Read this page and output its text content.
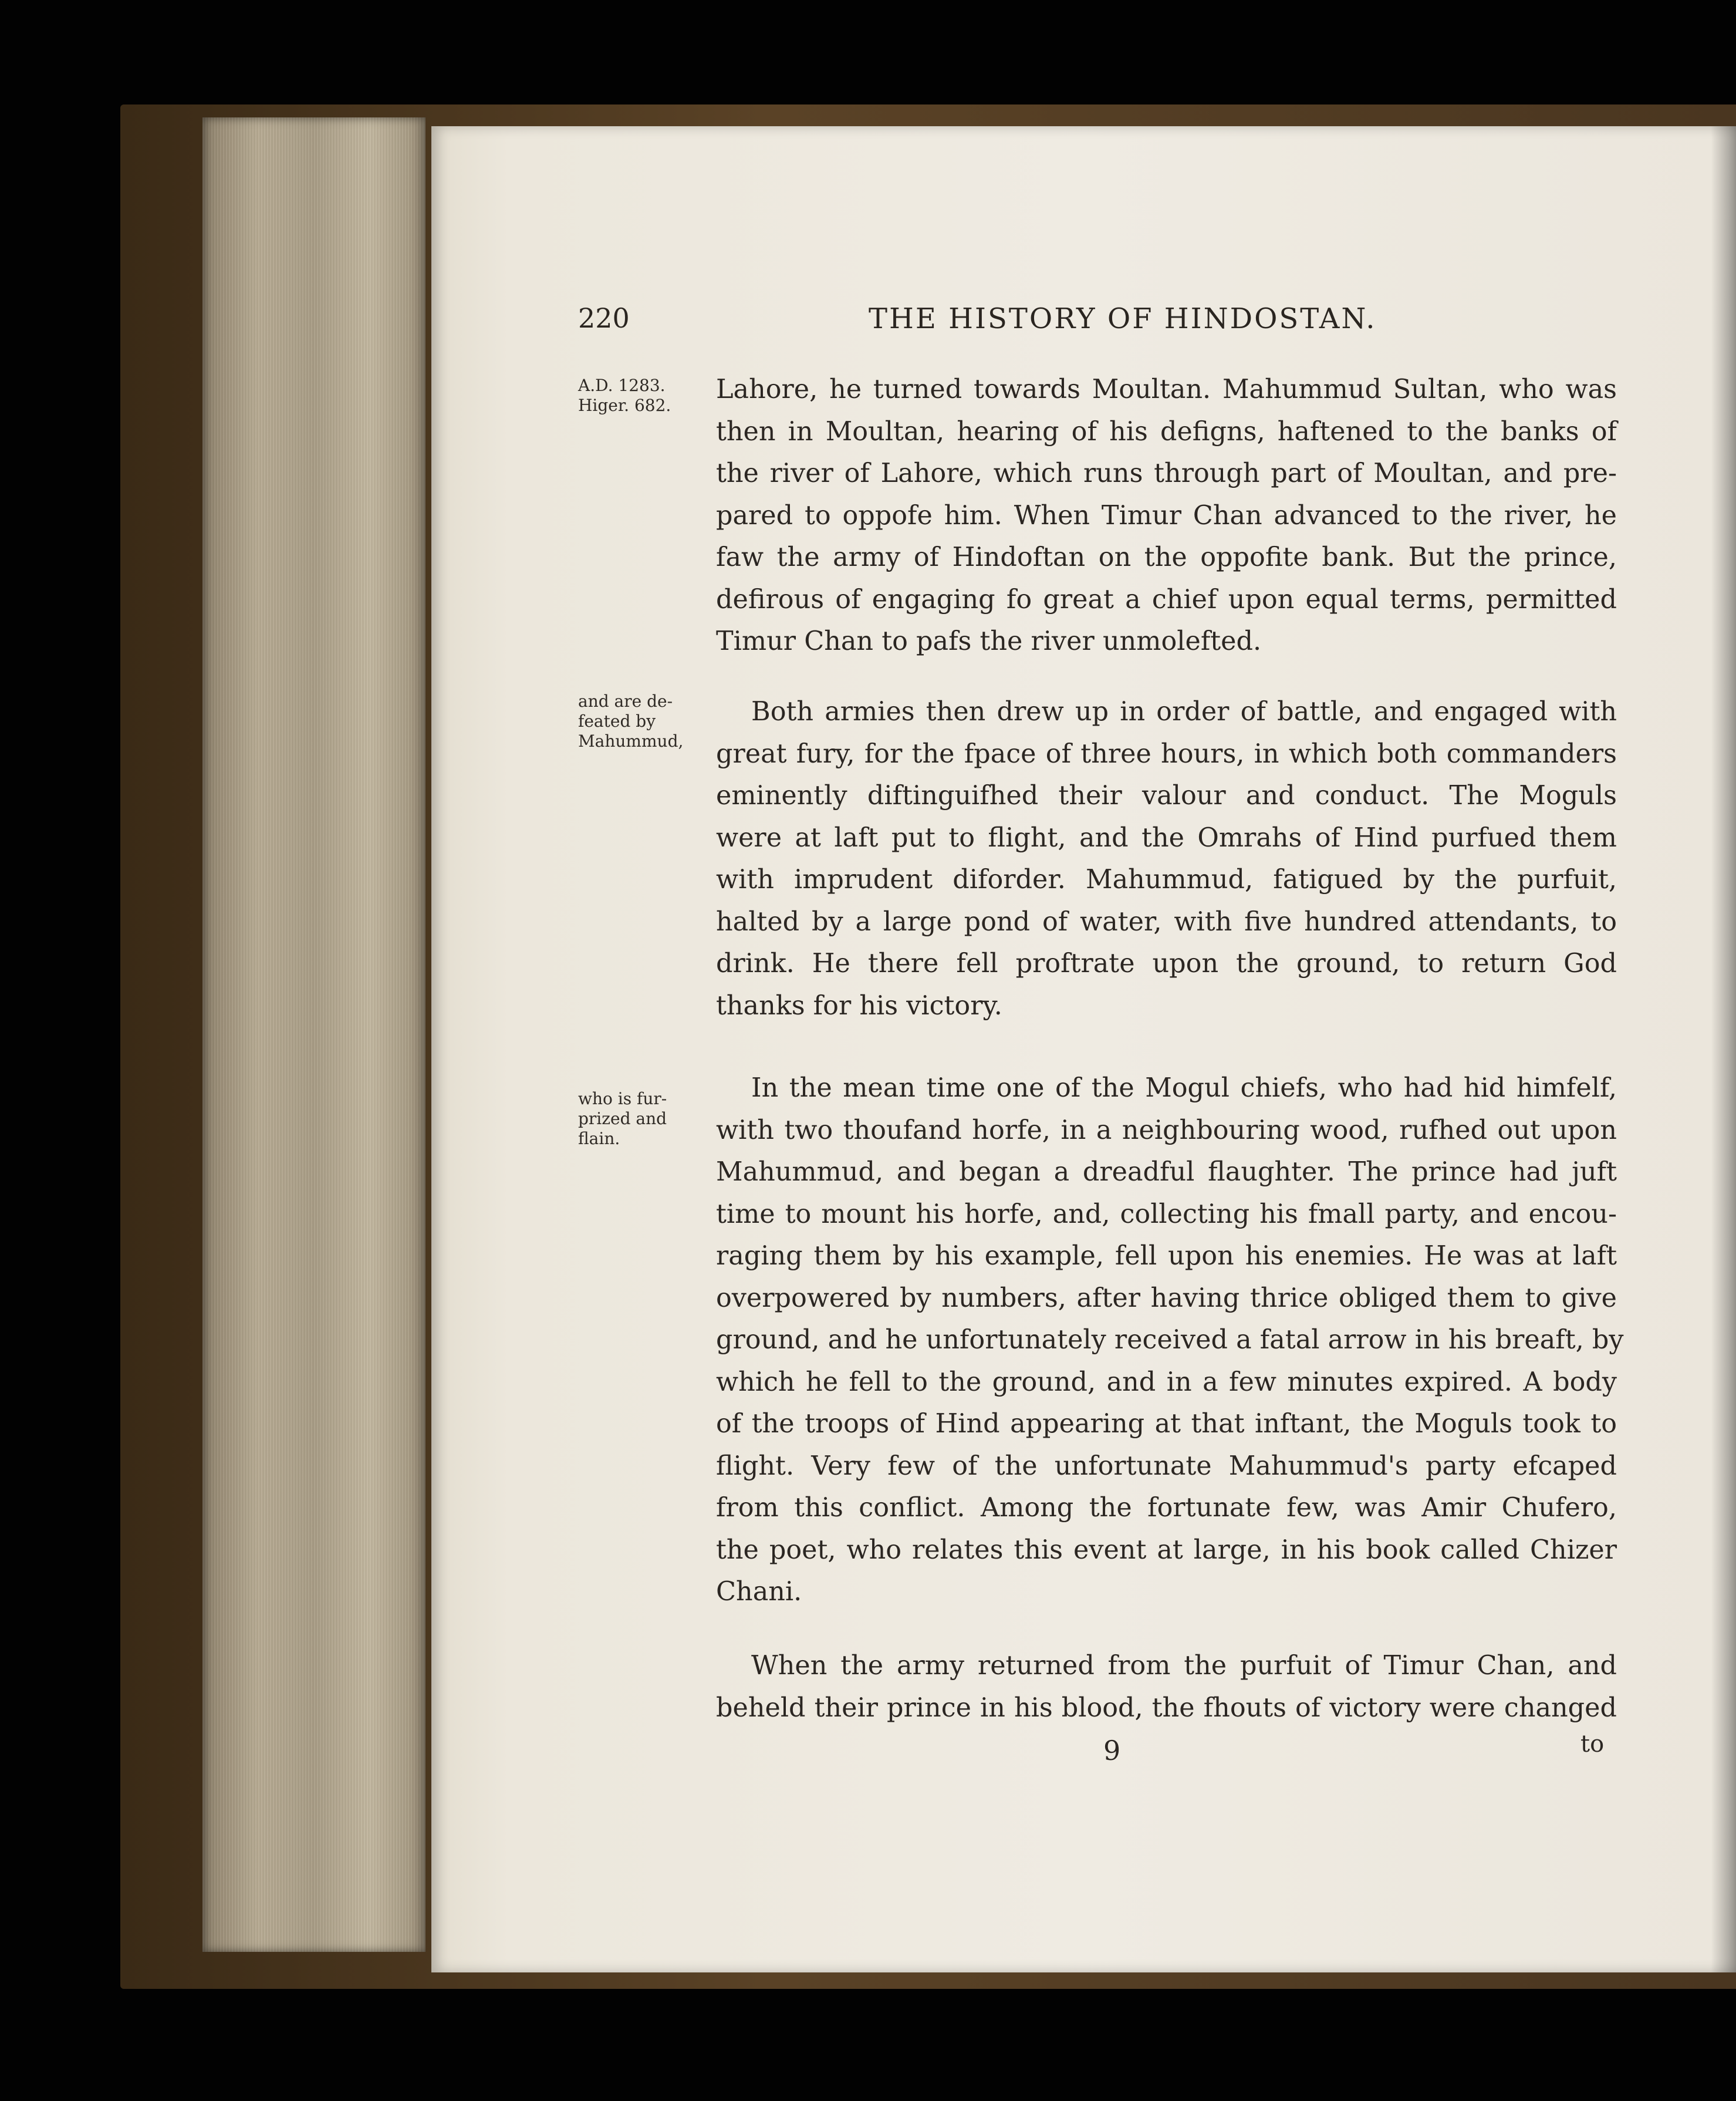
220	THE HISTORY OF HINDOSTAN.
A.D. 1283.
Higer. 682.
and are de-
feated by
Mahummud,
who is fur-
prized and
flain.
Lahore, he turned towards Moultan. Mahummud Sultan, who was
then in Moultan, hearing of his defigns, haftened to the banks of
the river of Lahore, which runs through part of Moultan, and pre-
pared to oppofe him. When Timur Chan advanced to the river, he
faw the army of Hindoftan on the oppofite bank. But the prince,
defirous of engaging fo great a chief upon equal terms, permitted
Timur Chan to pafs the river unmolefted.
Both armies then drew up in order of battle, and engaged with
great fury, for the fpace of three hours, in which both commanders
eminently diftinguifhed their valour and conduct. The Moguls
were at laft put to flight, and the Omrahs of Hind purfued them
with imprudent diforder. Mahummud, fatigued by the purfuit,
halted by a large pond of water, with five hundred attendants, to
drink. He there fell proftrate upon the ground, to return God
thanks for his victory.
In the mean time one of the Mogul chiefs, who had hid himfelf,
with two thoufand horfe, in a neighbouring wood, rufhed out upon
Mahummud, and began a dreadful flaughter. The prince had juft
time to mount his horfe, and, collecting his fmall party, and encou-
raging them by his example, fell upon his enemies. He was at laft
overpowered by numbers, after having thrice obliged them to give
ground, and he unfortunately received a fatal arrow in his breaft, by
which he fell to the ground, and in a few minutes expired. A body
of the troops of Hind appearing at that inftant, the Moguls took to
flight. Very few of the unfortunate Mahummud's party efcaped
from this conflict. Among the fortunate few, was Amir Chufero,
the poet, who relates this event at large, in his book called Chizer
Chani.
When the army returned from the purfuit of Timur Chan, and
beheld their prince in his blood, the fhouts of victory were changed
9	to
